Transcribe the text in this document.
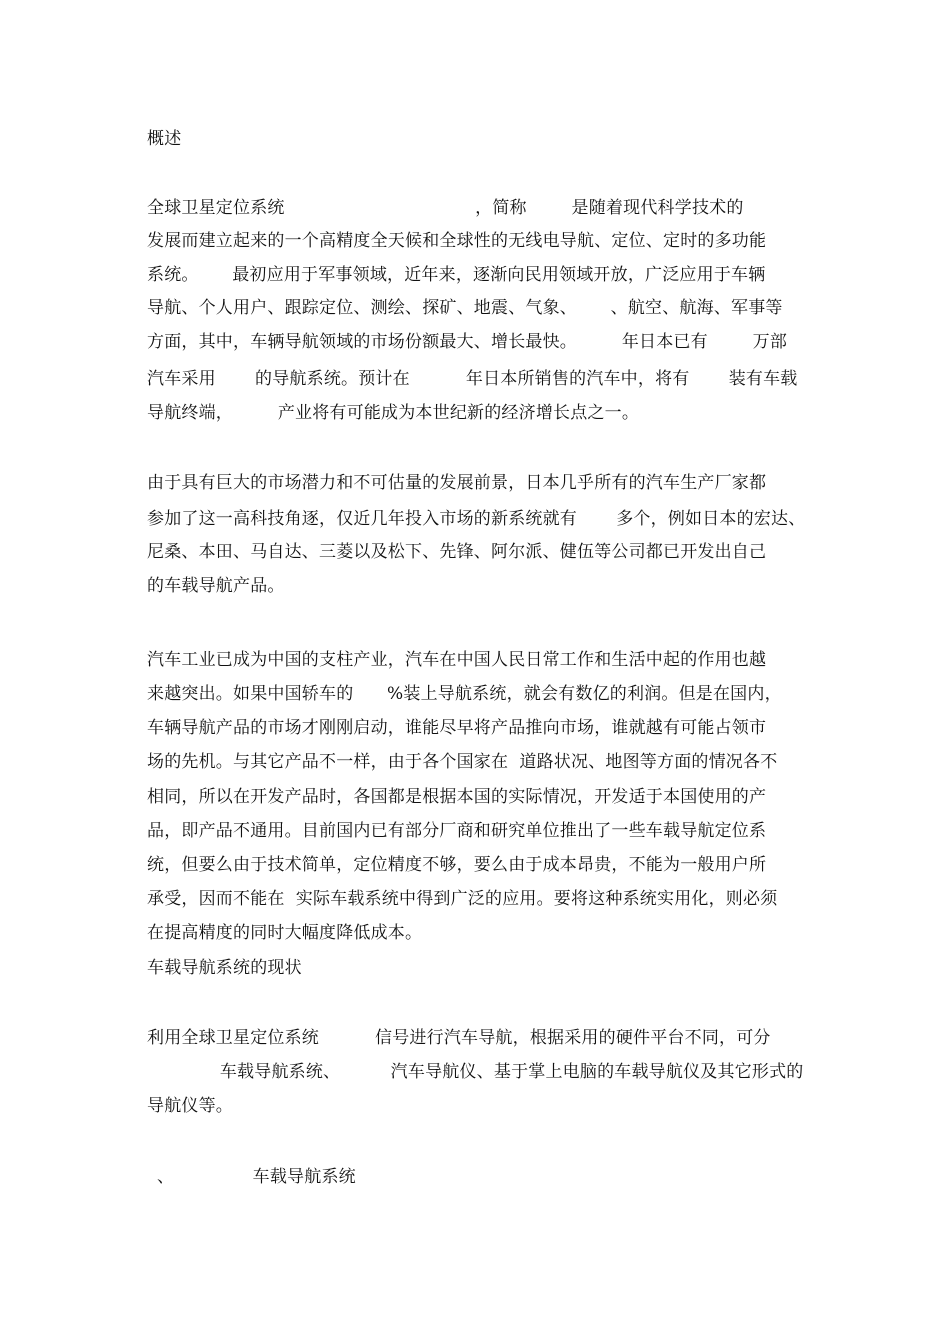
概述
全球卫星定位系统                                  ，简称        是随着现代科学技术的
发展而建立起来的一个高精度全天候和全球性的无线电导航、定位、定时的多功能
系统。      最初应用于军事领域，近年来，逐渐向民用领域开放，广泛应用于车辆
导航、个人用户、跟踪定位、测绘、探矿、地震、气象、      、航空、航海、军事等
方面，其中，车辆导航领域的市场份额最大、增长最快。        年日本已有        万部
汽车采用       的导航系统。预计在          年日本所销售的汽车中，将有       装有车载
导航终端，        产业将有可能成为本世纪新的经济增长点之一。
由于具有巨大的市场潜力和不可估量的发展前景，日本几乎所有的汽车生产厂家都
参加了这一高科技角逐，仅近几年投入市场的新系统就有       多个，例如日本的宏达、
尼桑、本田、马自达、三菱以及松下、先锋、阿尔派、健伍等公司都已开发出自己
的车载导航产品。
汽车工业已成为中国的支柱产业，汽车在中国人民日常工作和生活中起的作用也越
来越突出。如果中国轿车的      %装上导航系统，就会有数亿的利润。但是在国内，
车辆导航产品的市场才刚刚启动，谁能尽早将产品推向市场，谁就越有可能占领市
场的先机。与其它产品不一样，由于各个国家在  道路状况、地图等方面的情况各不
相同，所以在开发产品时，各国都是根据本国的实际情况，开发适于本国使用的产
品，即产品不通用。目前国内已有部分厂商和研究单位推出了一些车载导航定位系
统，但要么由于技术简单，定位精度不够，要么由于成本昂贵，不能为一般用户所
承受，因而不能在  实际车载系统中得到广泛的应用。要将这种系统实用化，则必须
在提高精度的同时大幅度降低成本。
车载导航系统的现状
利用全球卫星定位系统          信号进行汽车导航，根据采用的硬件平台不同，可分
车载导航系统、         汽车导航仪、基于掌上电脑的车载导航仪及其它形式的
导航仪等。
、              车载导航系统
